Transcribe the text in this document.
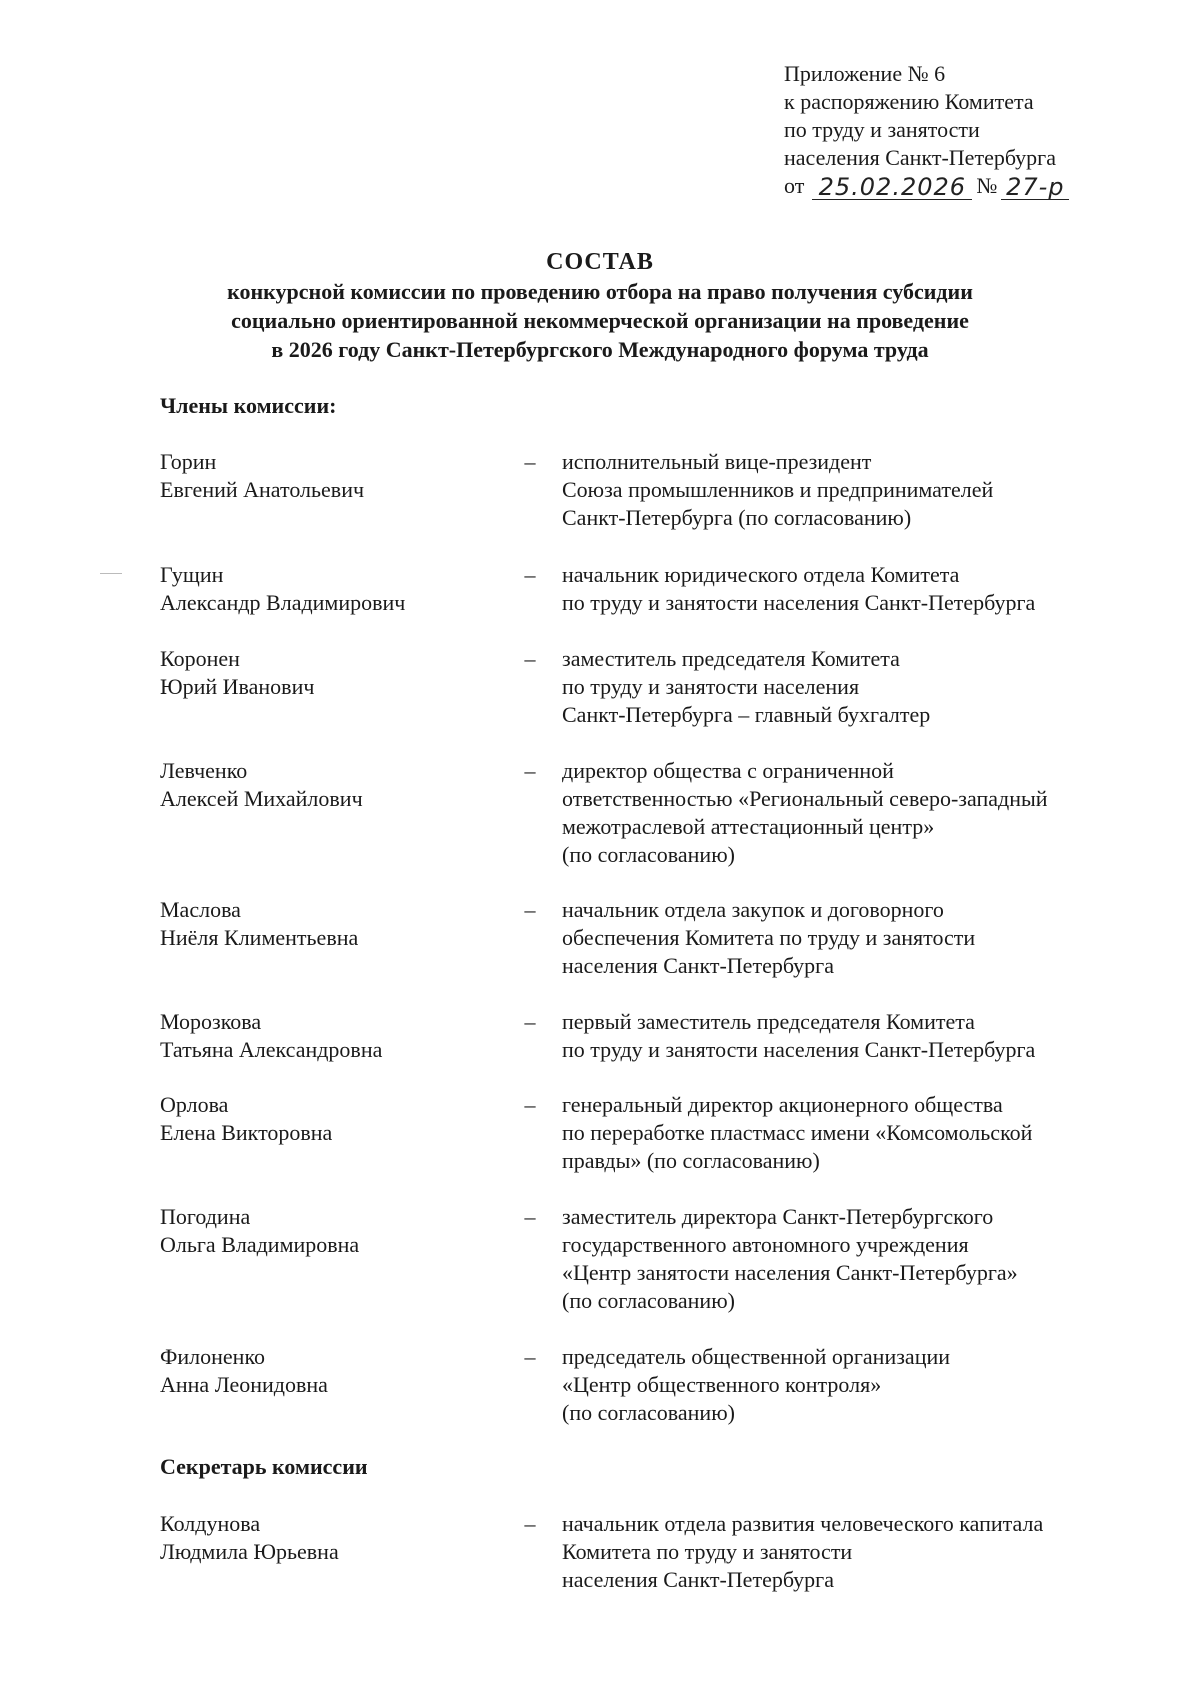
Приложение № 6
к распоряжению Комитета
по труду и занятости
населения Санкт-Петербурга
от 25.02.2026 № 27-р
СОСТАВ
конкурсной комиссии по проведению отбора на право получения субсидии
социально ориентированной некоммерческой организации на проведение
в 2026 году Санкт-Петербургского Международного форума труда
Члены комиссии:
Горин
Евгений Анатольевич
– исполнительный вице-президент
Союза промышленников и предпринимателей
Санкт-Петербурга (по согласованию)
Гущин
Александр Владимирович
– начальник юридического отдела Комитета
по труду и занятости населения Санкт-Петербурга
Коронен
Юрий Иванович
– заместитель председателя Комитета
по труду и занятости населения
Санкт-Петербурга – главный бухгалтер
Левченко
Алексей Михайлович
– директор общества с ограниченной
ответственностью «Региональный северо-западный
межотраслевой аттестационный центр»
(по согласованию)
Маслова
Ниёля Климентьевна
– начальник отдела закупок и договорного
обеспечения Комитета по труду и занятости
населения Санкт-Петербурга
Морозкова
Татьяна Александровна
– первый заместитель председателя Комитета
по труду и занятости населения Санкт-Петербурга
Орлова
Елена Викторовна
– генеральный директор акционерного общества
по переработке пластмасс имени «Комсомольской
правды» (по согласованию)
Погодина
Ольга Владимировна
– заместитель директора Санкт-Петербургского
государственного автономного учреждения
«Центр занятости населения Санкт-Петербурга»
(по согласованию)
Филоненко
Анна Леонидовна
– председатель общественной организации
«Центр общественного контроля»
(по согласованию)
Секретарь комиссии
Колдунова
Людмила Юрьевна
– начальник отдела развития человеческого капитала
Комитета по труду и занятости
населения Санкт-Петербурга
